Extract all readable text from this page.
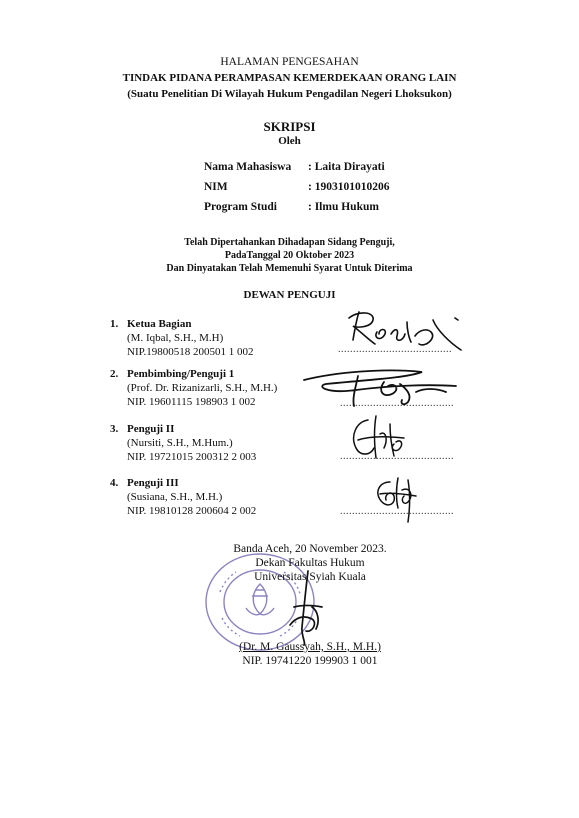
HALAMAN PENGESAHAN
TINDAK PIDANA PERAMPASAN KEMERDEKAAN ORANG LAIN
(Suatu Penelitian Di Wilayah Hukum Pengadilan Negeri Lhoksukon)
SKRIPSI
Oleh
Nama Mahasiswa : Laita Dirayati
NIM	: 1903101010206
Program Studi	: Ilmu Hukum
Telah Dipertahankan Dihadapan Sidang Penguji,
PadaTanggal 20 Oktober 2023
Dan Dinyatakan Telah Memenuhi Syarat Untuk Diterima
DEWAN PENGUJI
1. Ketua Bagian
(M. Iqbal, S.H., M.H)
NIP.19800518 200501 1 002	......................................
2. Pembimbing/Penguji 1
(Prof. Dr. Rizanizarli, S.H., M.H.)
NIP. 19601115 198903 1 002	......................................
3. Penguji II
(Nursiti, S.H., M.Hum.)
NIP. 19721015 200312 2 003	......................................
4. Penguji III
(Susiana, S.H., M.H.)
NIP. 19810128 200604 2 002	......................................
Banda Aceh, 20 November 2023.
Dekan Fakultas Hukum
Universitas Syiah Kuala
(Dr. M. Gaussyah, S.H., M.H.)
NIP. 19741220 199903 1 001
